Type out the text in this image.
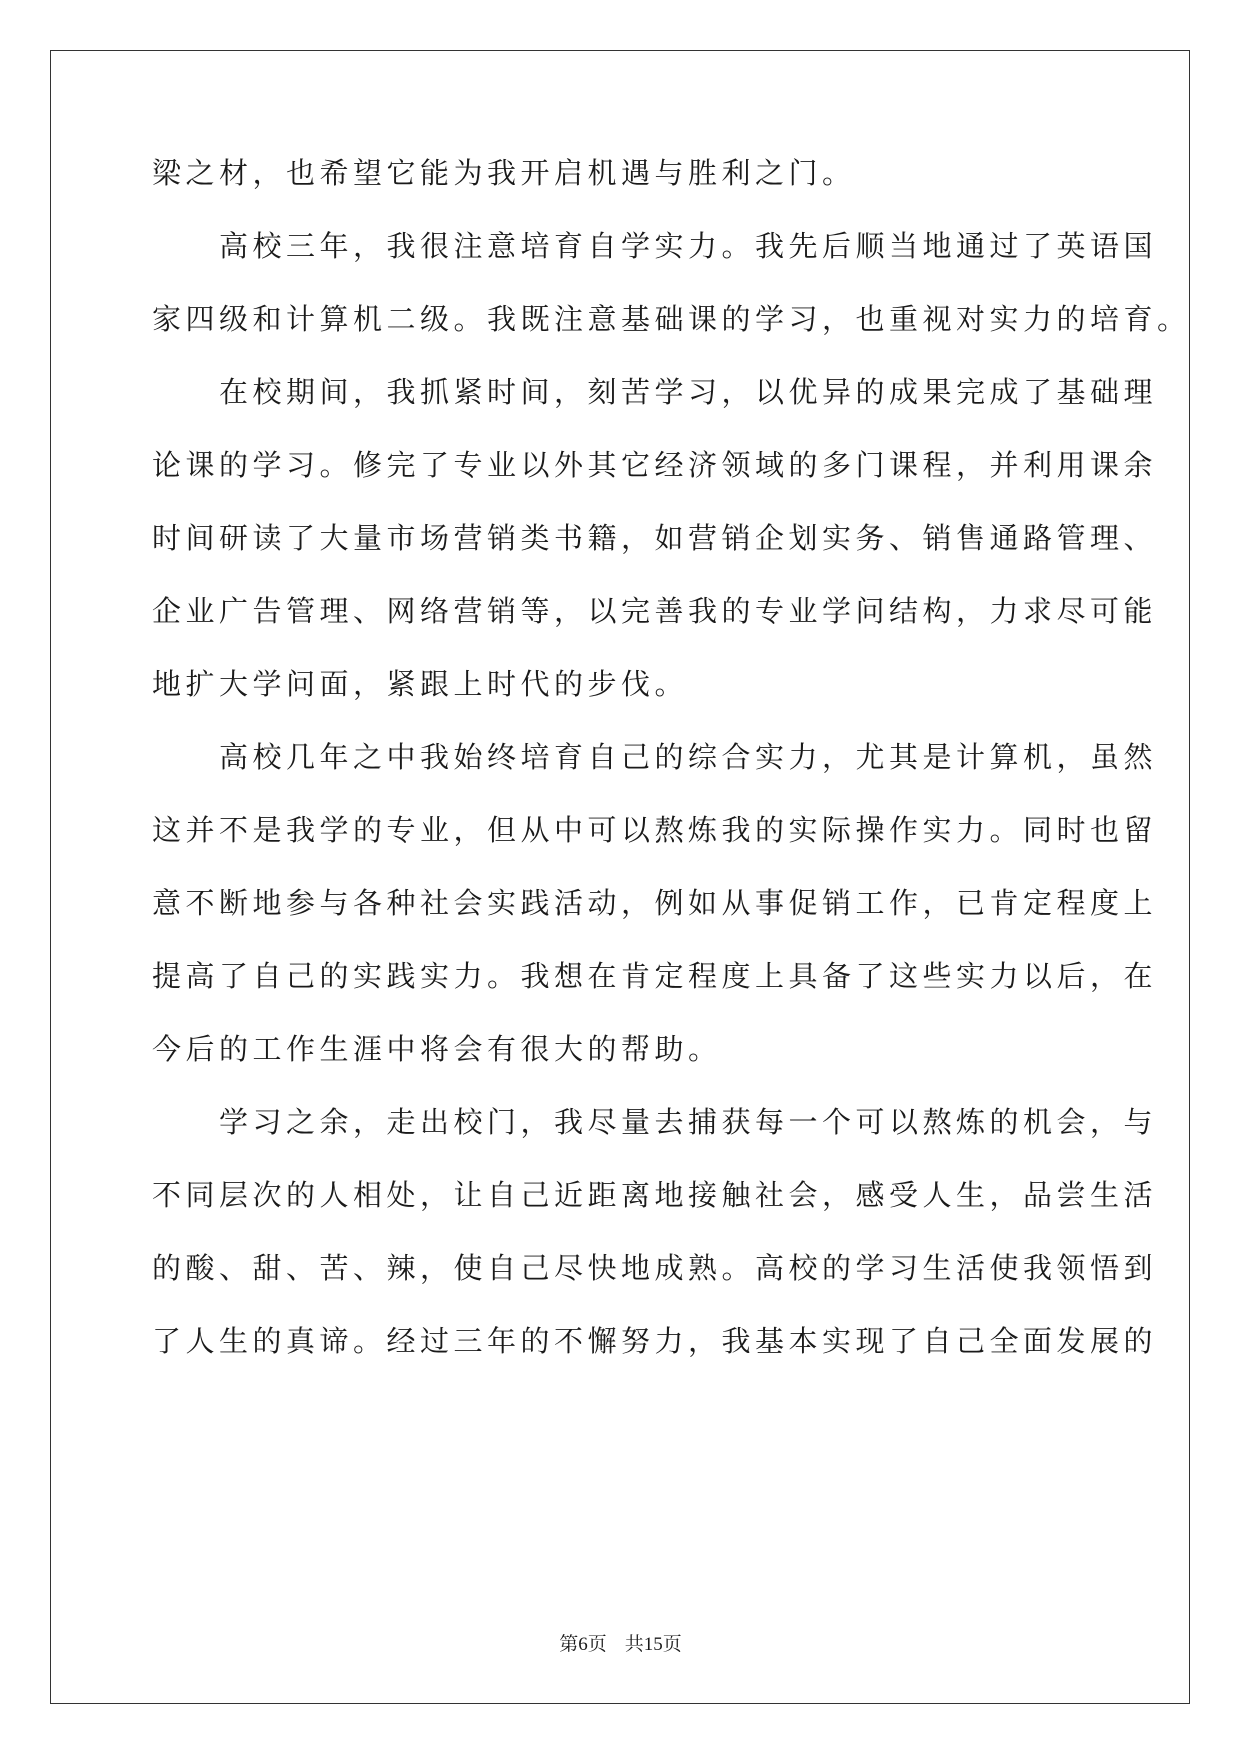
梁之材，也希望它能为我开启机遇与胜利之门。
　　高校三年，我很注意培育自学实力。我先后顺当地通过了英语国
家四级和计算机二级。我既注意基础课的学习，也重视对实力的培育。
　　在校期间，我抓紧时间，刻苦学习，以优异的成果完成了基础理
论课的学习。修完了专业以外其它经济领域的多门课程，并利用课余
时间研读了大量市场营销类书籍，如营销企划实务、销售通路管理、
企业广告管理、网络营销等，以完善我的专业学问结构，力求尽可能
地扩大学问面，紧跟上时代的步伐。
　　高校几年之中我始终培育自己的综合实力，尤其是计算机，虽然
这并不是我学的专业，但从中可以熬炼我的实际操作实力。同时也留
意不断地参与各种社会实践活动，例如从事促销工作，已肯定程度上
提高了自己的实践实力。我想在肯定程度上具备了这些实力以后，在
今后的工作生涯中将会有很大的帮助。
　　学习之余，走出校门，我尽量去捕获每一个可以熬炼的机会，与
不同层次的人相处，让自己近距离地接触社会，感受人生，品尝生活
的酸、甜、苦、辣，使自己尽快地成熟。高校的学习生活使我领悟到
了人生的真谛。经过三年的不懈努力，我基本实现了自己全面发展的
第6页 共15页
